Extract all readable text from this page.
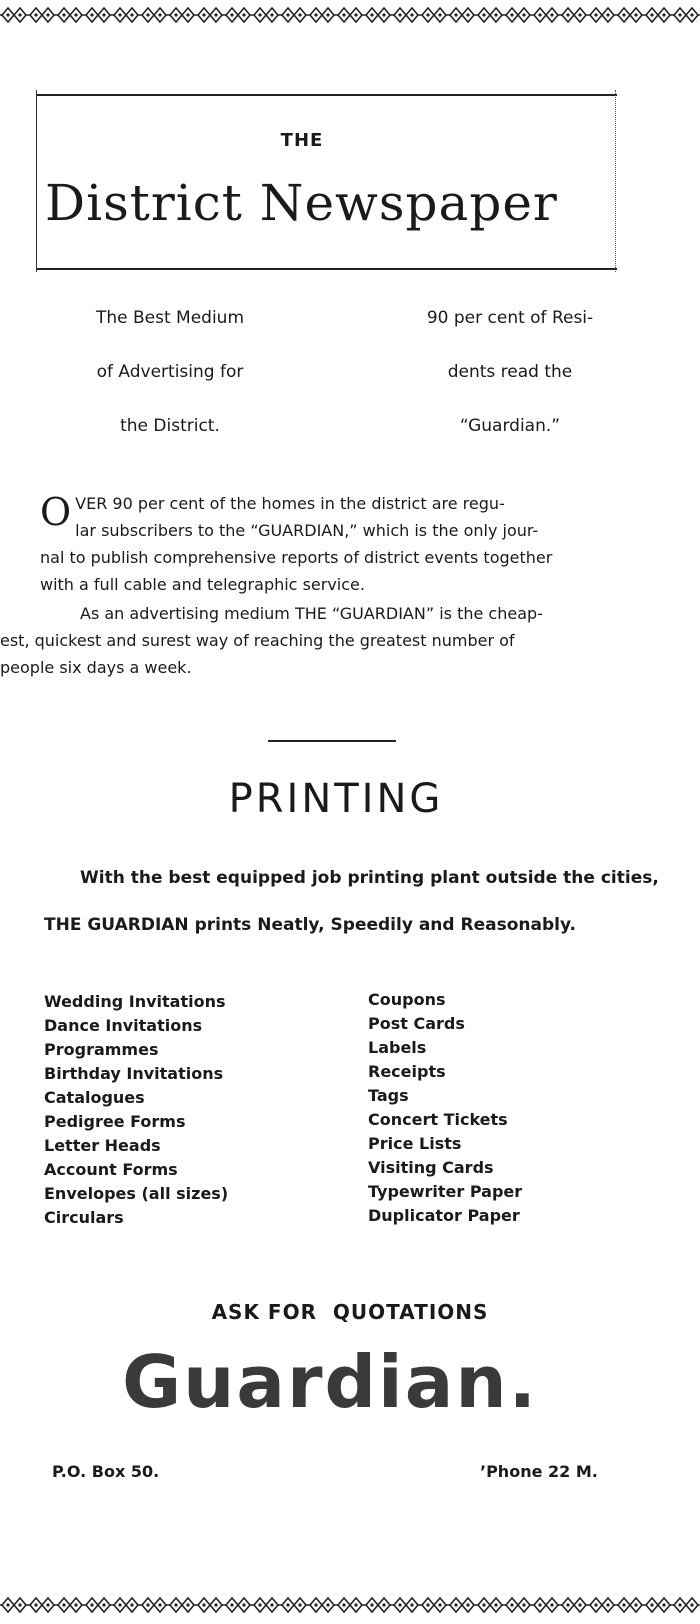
THE
District Newspaper
The Best Medium
of Advertising for
the District.
90 per cent of Resi-
dents read the
“Guardian.”
O VER 90 per cent of the homes in the district are regu-
lar subscribers to the “GUARDIAN,” which is the only jour-
nal to publish comprehensive reports of district events together
with a full cable and telegraphic service.
As an advertising medium THE “GUARDIAN” is the cheap-
est, quickest and surest way of reaching the greatest number of
people six days a week.
PRINTING
With the best equipped job printing plant outside the cities,
THE GUARDIAN prints Neatly, Speedily and Reasonably.
Wedding Invitations
Dance Invitations
Programmes
Birthday Invitations
Catalogues
Pedigree Forms
Letter Heads
Account Forms
Envelopes (all sizes)
Circulars
Coupons
Post Cards
Labels
Receipts
Tags
Concert Tickets
Price Lists
Visiting Cards
Typewriter Paper
Duplicator Paper
ASK FOR  QUOTATIONS
Guardian.
P.O. Box 50.	’Phone 22 M.
